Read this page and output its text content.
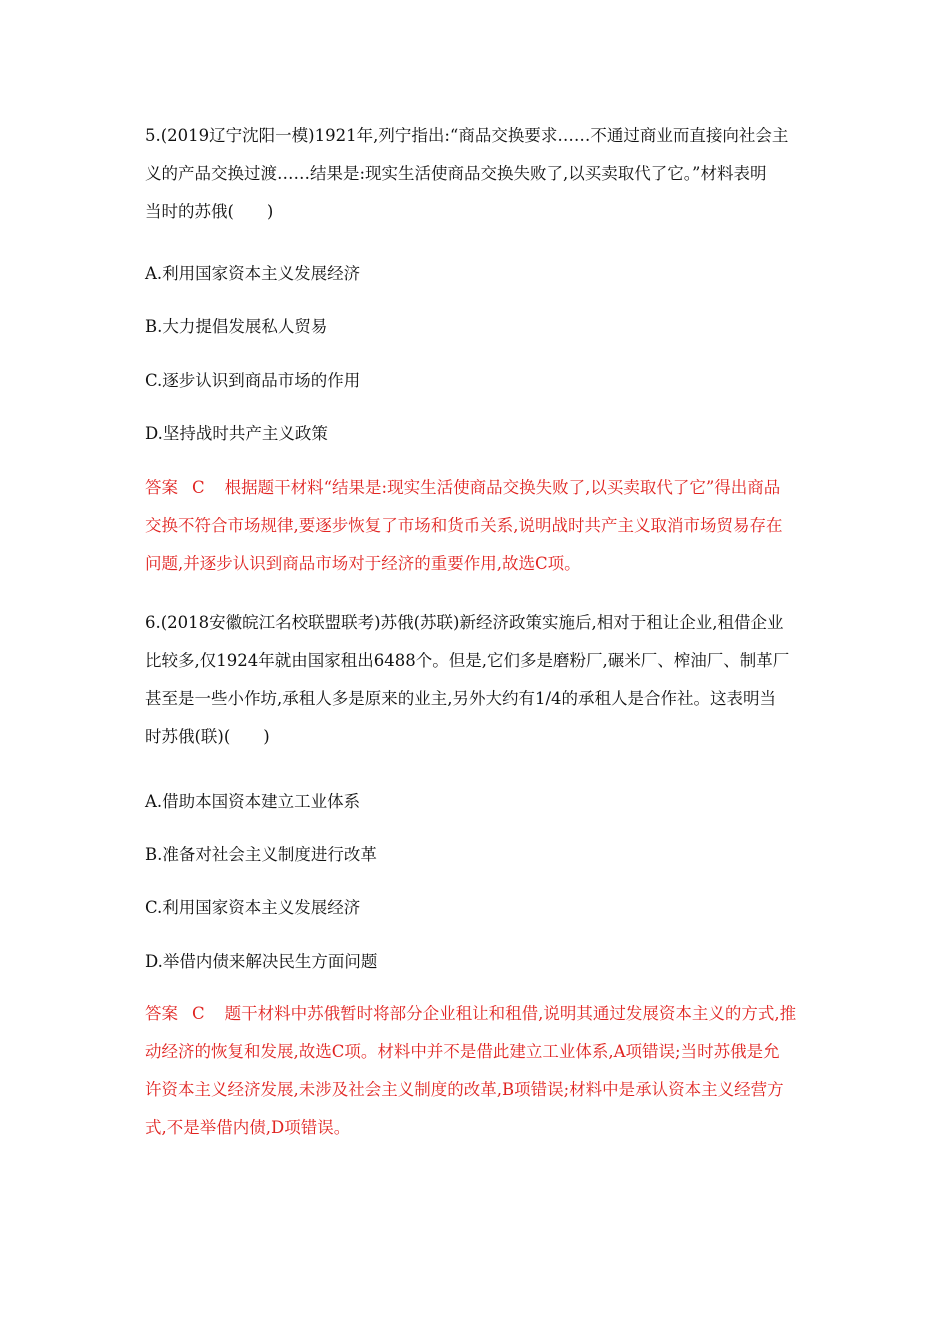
5.(2019辽宁沈阳一模)1921年,列宁指出:“商品交换要求……不通过商业而直接向社会主

义的产品交换过渡……结果是:现实生活使商品交换失败了,以买卖取代了它。”材料表明

当时的苏俄(　　)

A.利用国家资本主义发展经济
B.大力提倡发展私人贸易
C.逐步认识到商品市场的作用
D.坚持战时共产主义政策

答案 C 根据题干材料“结果是:现实生活使商品交换失败了,以买卖取代了它”得出商品

交换不符合市场规律,要逐步恢复了市场和货币关系,说明战时共产主义取消市场贸易存在

问题,并逐步认识到商品市场对于经济的重要作用,故选C项。

6.(2018安徽皖江名校联盟联考)苏俄(苏联)新经济政策实施后,相对于租让企业,租借企业

比较多,仅1924年就由国家租出6488个。但是,它们多是磨粉厂,碾米厂、榨油厂、制革厂

甚至是一些小作坊,承租人多是原来的业主,另外大约有1/4的承租人是合作社。这表明当

时苏俄(联)(　　)

A.借助本国资本建立工业体系
B.准备对社会主义制度进行改革
C.利用国家资本主义发展经济
D.举借内债来解决民生方面问题

答案 C 题干材料中苏俄暂时将部分企业租让和租借,说明其通过发展资本主义的方式,推

动经济的恢复和发展,故选C项。材料中并不是借此建立工业体系,A项错误;当时苏俄是允

许资本主义经济发展,未涉及社会主义制度的改革,B项错误;材料中是承认资本主义经营方

式,不是举借内债,D项错误。
